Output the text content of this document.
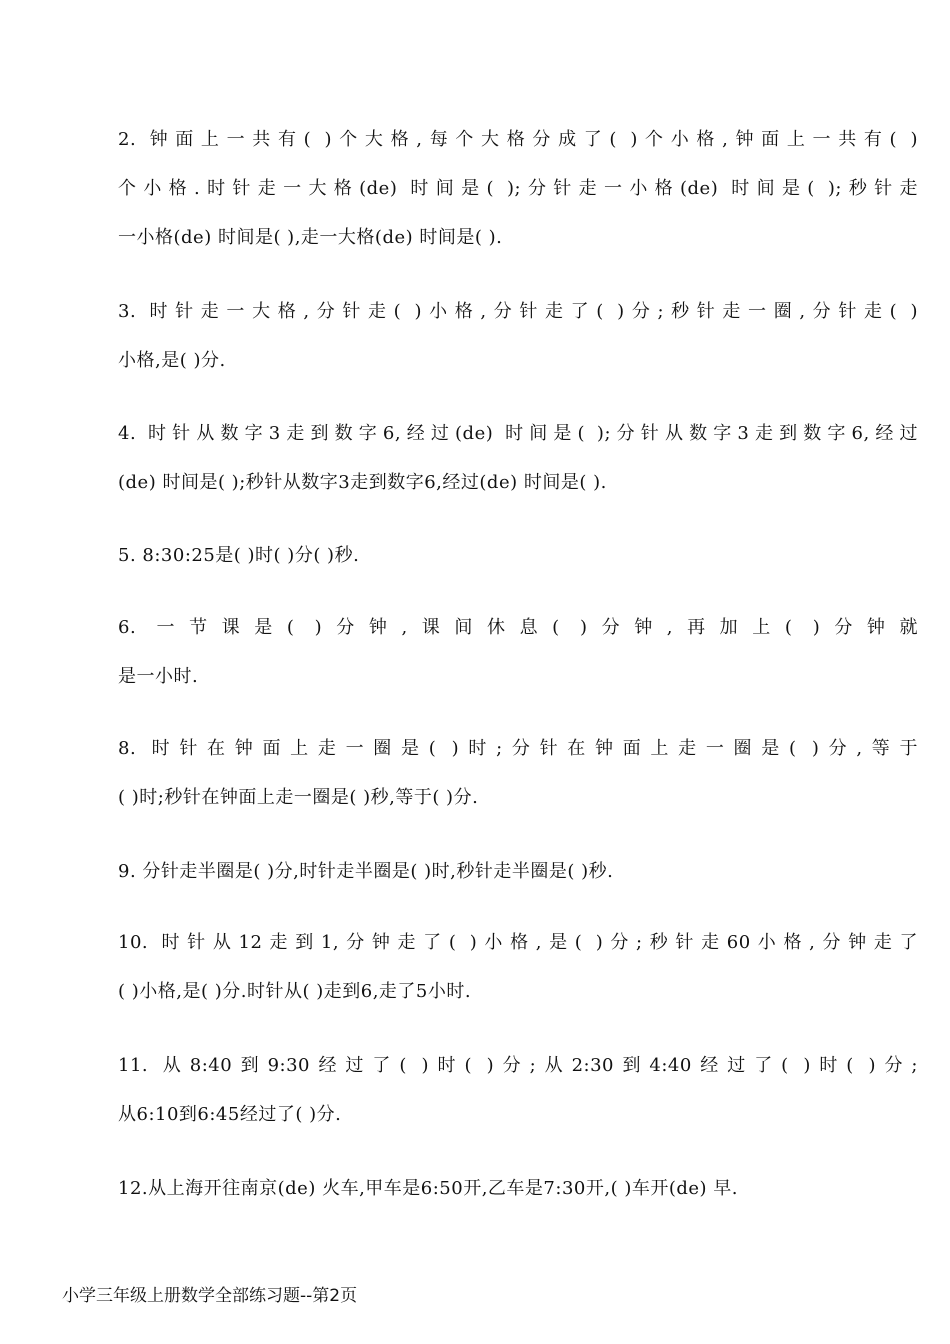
2. 钟面上一共有( )个大格,每个大格分成了( )个小格,钟面上一共有( )
个小格.时针走一大格(de) 时间是( );分针走一小格(de) 时间是( );秒针走
一小格(de) 时间是( ),走一大格(de) 时间是( ).
3. 时针走一大格,分针走( )小格,分针走了( )分;秒针走一圈,分针走( )
小格,是( )分.
4. 时针从数字3走到数字6,经过(de) 时间是( );分针从数字3走到数字6,经过
(de) 时间是( );秒针从数字3走到数字6,经过(de) 时间是( ).
5. 8:30:25是( )时( )分( )秒.
6. 一节课是( )分钟,课间休息( )分钟,再加上( )分钟就
是一小时.
8. 时针在钟面上走一圈是( )时;分针在钟面上走一圈是( )分,等于
( )时;秒针在钟面上走一圈是( )秒,等于( )分.
9. 分针走半圈是( )分,时针走半圈是( )时,秒针走半圈是( )秒.
10. 时针从12走到1,分钟走了( )小格,是( )分;秒针走60小格,分钟走了
( )小格,是( )分.时针从( )走到6,走了5小时.
11. 从8:40到9:30经过了( )时( )分;从2:30到4:40经过了( )时( )分;
从6:10到6:45经过了( )分.
12.从上海开往南京(de) 火车,甲车是6:50开,乙车是7:30开,( )车开(de) 早.
小学三年级上册数学全部练习题--第2页
